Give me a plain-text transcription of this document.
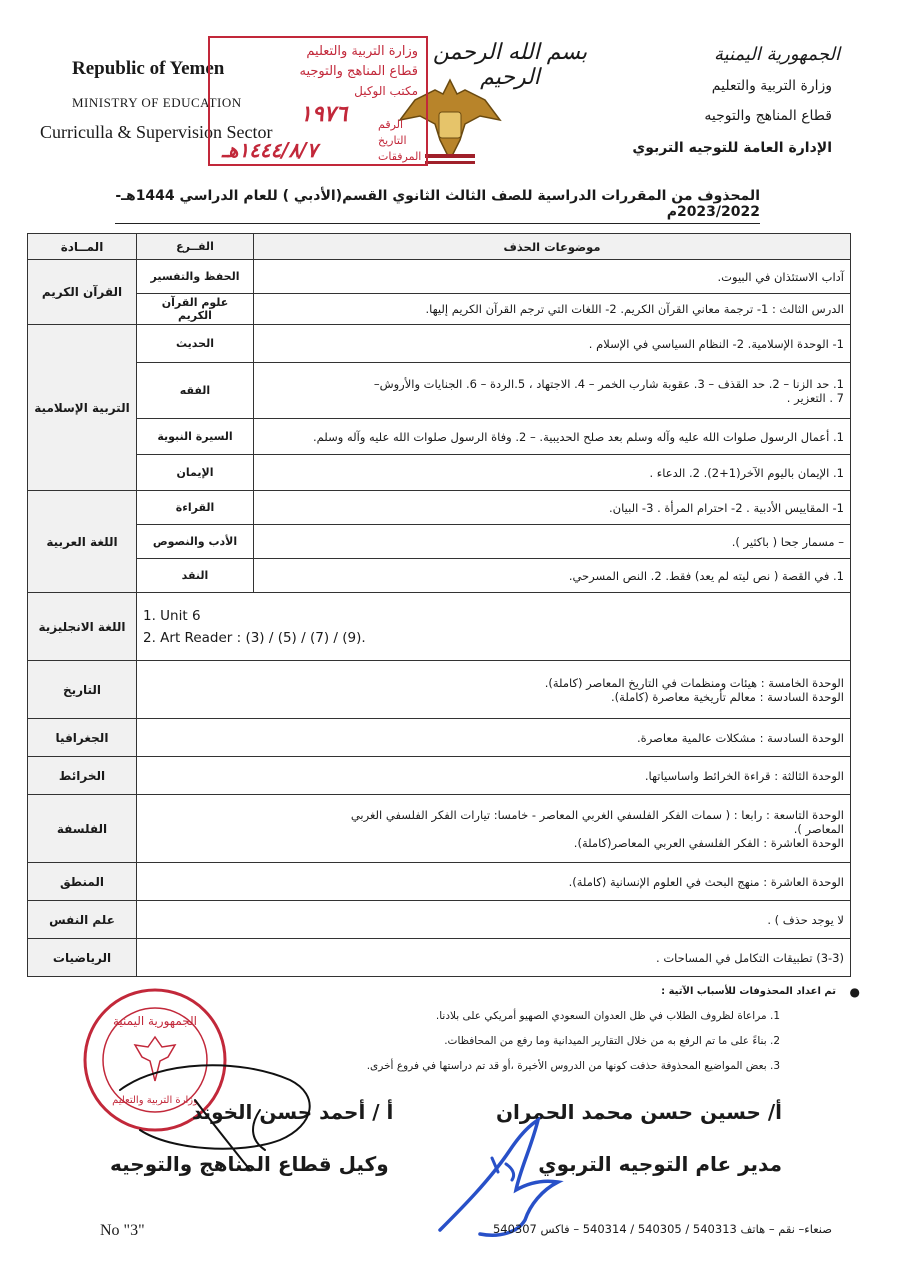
Republic of Yemen
MINISTRY OF EDUCATION
Curriculla & Supervision Sector
الجمهورية اليمنية
وزارة التربية والتعليم
قطاع المناهج والتوجيه
الإدارة العامة للتوجيه التربوي
بسم الله الرحمن الرحيم
وزارة التربية والتعليم
قطاع المناهج والتوجيه
مكتب الوكيل
١٩٧٦
١٤٤٤/٨/٧هـ
الرقم
التاريخ
المرفقات
المحذوف من المقررات الدراسية للصف الثالث الثانوي القسم(الأدبي ) للعام الدراسي 1444هـ- 2023/2022م
موضوعات الحذف	الفــرع	المــادة
آداب الاستئذان في البيوت.	الحفظ والتفسير	القرآن الكريم
الدرس الثالث : 1- ترجمة معاني القرآن الكريم. 2- اللغات التي ترجم القرآن الكريم إليها.	علوم القرآن الكريم	
1- الوحدة الإسلامية. 2- النظام السياسي في الإسلام .	الحديث	التربية الإسلامية

1. حد الزنا – 2. حد القذف – 3. عقوبة شارب الخمر – 4. الاجتهاد ، 5.الردة – 6. الجنايات والأروش–
7 . التعزير .	الفقه	
1. أعمال الرسول صلوات الله عليه وآله وسلم بعد صلح الحديبية. – 2. وفاة الرسول صلوات الله عليه وآله وسلم.	السيرة النبوية	
1. الإيمان باليوم الآخر(1+2). 2. الدعاء .	الإيمان	
1- المقاييس الأدبية . 2- احترام المرأة . 3- البيان.	القراءة	اللغة العربية
– مسمار جحا ( باكثير ).	الأدب والنصوص	
1. في القصة ( نص ليته لم يعد) فقط. 2. النص المسرحي.	النقد	

1. Unit 6
2. Art Reader : (3) / (5) / (7) / (9).		اللغة الانجليزية

الوحدة الخامسة : هيئات ومنظمات في التاريخ المعاصر (كاملة).
الوحدة السادسة : معالم تأريخية معاصرة (كاملة).		التاريخ
الوحدة السادسة : مشكلات عالمية معاصرة.		الجغرافيا
الوحدة الثالثة : قراءة الخرائط واساسياتها.		الخرائط

الوحدة التاسعة : رابعا : ( سمات الفكر الفلسفي الغربي المعاصر - خامسا: تيارات الفكر الفلسفي الغربي
المعاصر ).
الوحدة العاشرة : الفكر الفلسفي العربي المعاصر(كاملة).		الفلسفة
الوحدة العاشرة : منهج البحث في العلوم الإنسانية (كاملة).		المنطق
لا يوجد حذف ) .		علم النفس
(3-3) تطبيقات التكامل في المساحات .		الرياضيات
●
تم اعداد المحذوفات للأسباب الآتية :
1. مراعاة لظروف الطلاب في ظل العدوان السعودي الصهيو أمريكي على بلادنا.
2. بناءً على ما تم الرفع به من خلال التقارير الميدانية وما رفع من المحافظات.
3. بعض المواضيع المحذوفة حذفت كونها من الدروس الأخيرة ،أو قد تم دراستها في فروع أخرى.
الجمهورية اليمنية
وزارة التربية والتعليم	أ/ حسين حسن محمد الحمران
مدير عام التوجيه التربوي
أ / أحمد حسن الخوند
وكيل قطاع المناهج والتوجيه
No "3"	صنعاء– نقم – هاتف 540313 / 540305 / 540314 – فاكس 540307
